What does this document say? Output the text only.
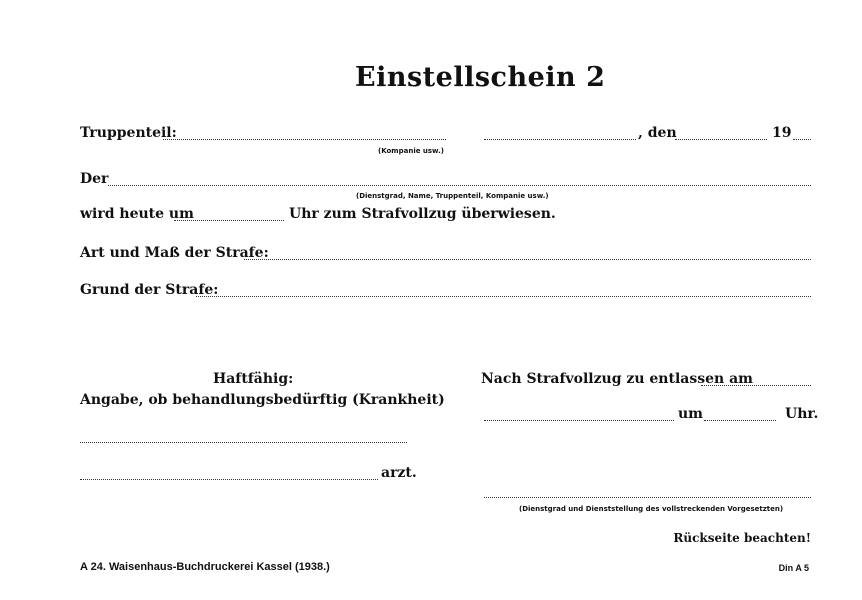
Einstellschein 2
Truppenteil:
(Kompanie usw.)
, den	19
Der
(Dienstgrad, Name, Truppenteil, Kompanie usw.)
wird heute um	Uhr zum Strafvollzug überwiesen.
Art und Maß der Strafe:
Grund der Strafe:
Haftfähig:
Angabe, ob behandlungsbedürftig (Krankheit)
arzt.
Nach Strafvollzug zu entlassen am
um	Uhr.
(Dienstgrad und Dienststellung des vollstreckenden Vorgesetzten)
Rückseite beachten!
A 24. Waisenhaus-Buchdruckerei Kassel (1938.)	Din A 5
